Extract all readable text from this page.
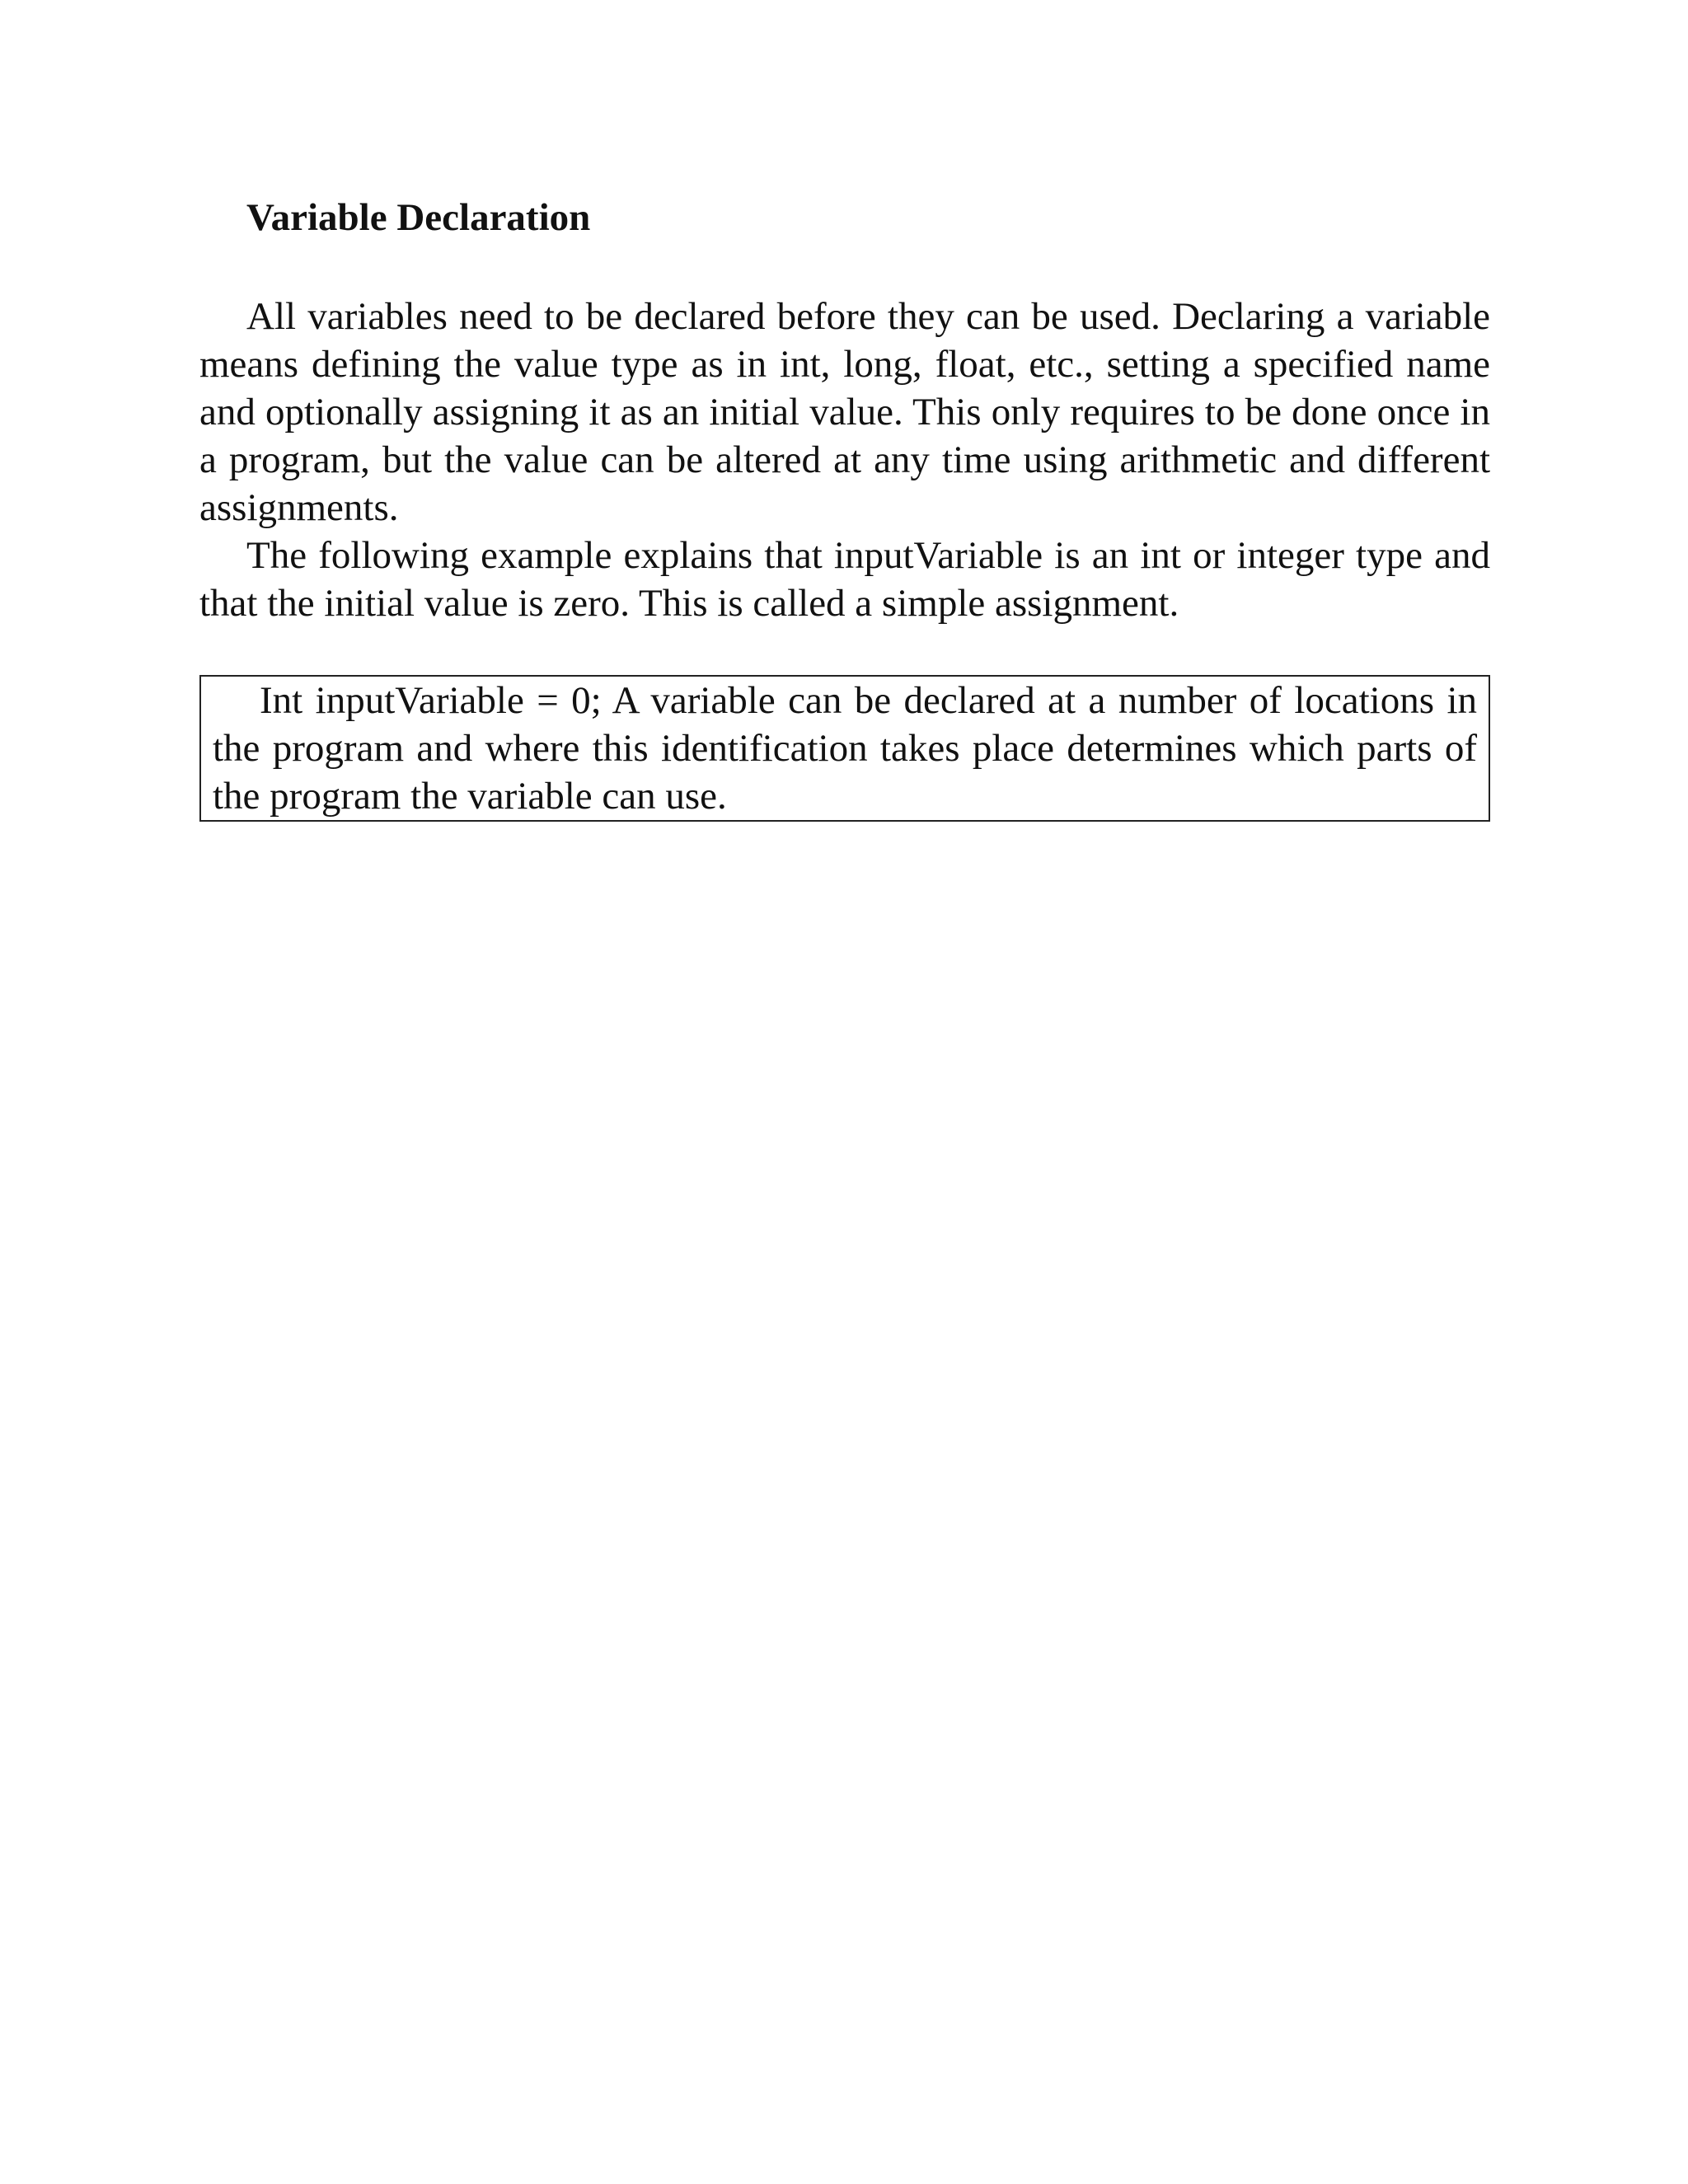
Variable Declaration

All variables need to be declared before they can be used. Declaring a variable means defining the value type as in int, long, float, etc., setting a specified name and optionally assigning it as an initial value. This only requires to be done once in a program, but the value can be altered at any time using arithmetic and different assignments.

The following example explains that inputVariable is an int or integer type and that the initial value is zero. This is called a simple assignment.

Int inputVariable = 0; A variable can be declared at a number of locations in the program and where this identification takes place determines which parts of the program the variable can use.
